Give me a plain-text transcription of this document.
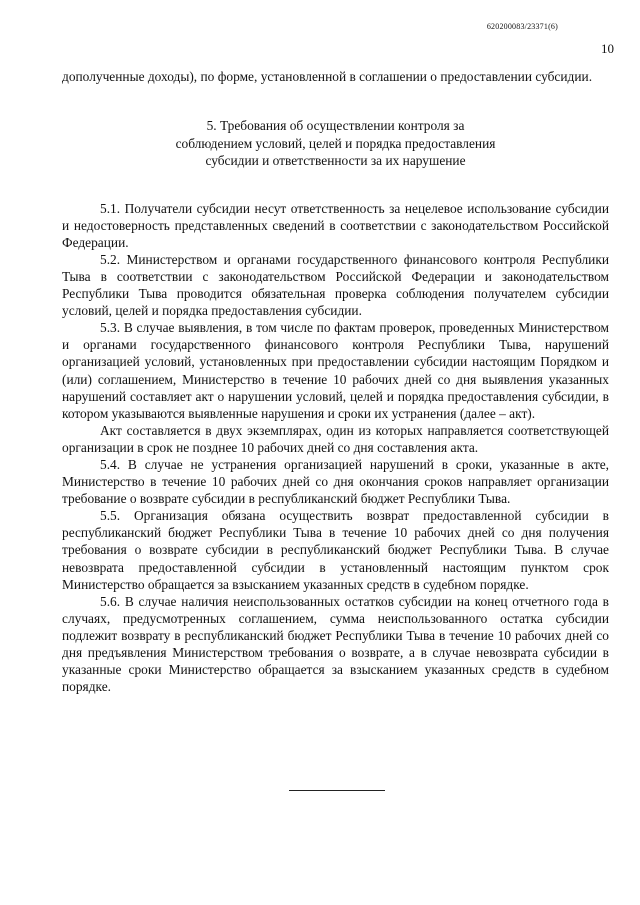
620200083/23371(6)
10

дополученные доходы), по форме, установленной в соглашении о предоставлении субсидии.

5. Требования об осуществлении контроля за
соблюдением условий, целей и порядка предоставления
субсидии и ответственности за их нарушение

5.1. Получатели субсидии несут ответственность за нецелевое использование субсидии и недостоверность представленных сведений в соответствии с законодательством Российской Федерации.

5.2. Министерством и органами государственного финансового контроля Республики Тыва в соответствии с законодательством Российской Федерации и законодательством Республики Тыва проводится обязательная проверка соблюдения получателем субсидии условий, целей и порядка предоставления субсидии.

5.3. В случае выявления, в том числе по фактам проверок, проведенных Министерством и органами государственного финансового контроля Республики Тыва, нарушений организацией условий, установленных при предоставлении субсидии настоящим Порядком и (или) соглашением, Министерство в течение 10 рабочих дней со дня выявления указанных нарушений составляет акт о нарушении условий, целей и порядка предоставления субсидии, в котором указываются выявленные нарушения и сроки их устранения (далее – акт).

Акт составляется в двух экземплярах, один из которых направляется соответствующей организации в срок не позднее 10 рабочих дней со дня составления акта.

5.4. В случае не устранения организацией нарушений в сроки, указанные в акте, Министерство в течение 10 рабочих дней со дня окончания сроков направляет организации требование о возврате субсидии в республиканский бюджет Республики Тыва.

5.5. Организация обязана осуществить возврат предоставленной субсидии в республиканский бюджет Республики Тыва в течение 10 рабочих дней со дня получения требования о возврате субсидии в республиканский бюджет Республики Тыва. В случае невозврата предоставленной субсидии в установленный настоящим пунктом срок Министерство обращается за взысканием указанных средств в судебном порядке.

5.6. В случае наличия неиспользованных остатков субсидии на конец отчетного года в случаях, предусмотренных соглашением, сумма неиспользованного остатка субсидии подлежит возврату в республиканский бюджет Республики Тыва в течение 10 рабочих дней со дня предъявления Министерством требования о возврате, а в случае невозврата субсидии в указанные сроки Министерство обращается за взысканием указанных средств в судебном порядке.
